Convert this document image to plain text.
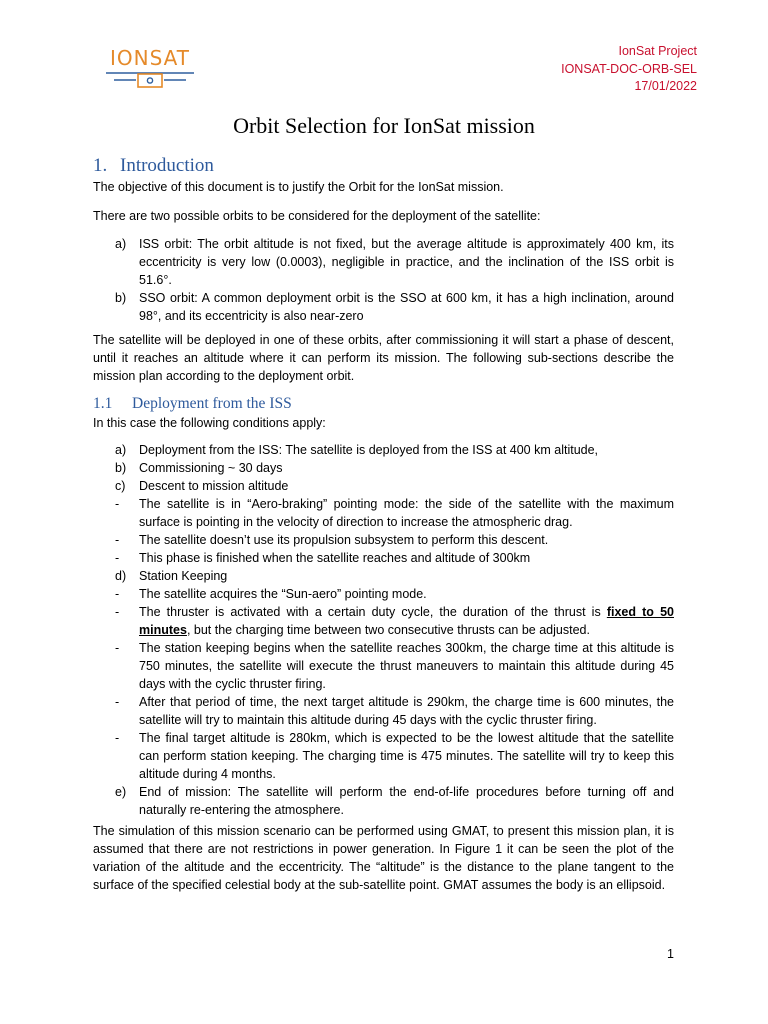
IONSAT	IonSat Project
IONSAT-DOC-ORB-SEL
17/01/2022
Orbit Selection for IonSat mission
1. Introduction
The objective of this document is to justify the Orbit for the IonSat mission.
There are two possible orbits to be considered for the deployment of the satellite:
a)	ISS orbit: The orbit altitude is not fixed, but the average altitude is approximately 400 km, its eccentricity is very low (0.0003), negligible in practice, and the inclination of the ISS orbit is 51.6°.
b)	SSO orbit: A common deployment orbit is the SSO at 600 km, it has a high inclination, around 98°, and its eccentricity is also near-zero
The satellite will be deployed in one of these orbits, after commissioning it will start a phase of descent, until it reaches an altitude where it can perform its mission. The following sub-sections describe the mission plan according to the deployment orbit.
1.1 Deployment from the ISS
In this case the following conditions apply:
a)	Deployment from the ISS: The satellite is deployed from the ISS at 400 km altitude,
b)	Commissioning ~ 30 days
c)	Descent to mission altitude
-	The satellite is in “Aero-braking” pointing mode: the side of the satellite with the maximum surface is pointing in the velocity of direction to increase the atmospheric drag.
-	The satellite doesn’t use its propulsion subsystem to perform this descent.
-	This phase is finished when the satellite reaches and altitude of 300km
d)	Station Keeping
-	The satellite acquires the “Sun-aero” pointing mode.
-	The thruster is activated with a certain duty cycle, the duration of the thrust is fixed to 50 minutes, but the charging time between two consecutive thrusts can be adjusted.
-	The station keeping begins when the satellite reaches 300km, the charge time at this altitude is 750 minutes, the satellite will execute the thrust maneuvers to maintain this altitude during 45 days with the cyclic thruster firing.
-	After that period of time, the next target altitude is 290km, the charge time is 600 minutes, the satellite will try to maintain this altitude during 45 days with the cyclic thruster firing.
-	The final target altitude is 280km, which is expected to be the lowest altitude that the satellite can perform station keeping. The charging time is 475 minutes. The satellite will try to keep this altitude during 4 months.
e)	End of mission: The satellite will perform the end-of-life procedures before turning off and naturally re-entering the atmosphere.
The simulation of this mission scenario can be performed using GMAT, to present this mission plan, it is assumed that there are not restrictions in power generation. In Figure 1 it can be seen the plot of the variation of the altitude and the eccentricity. The “altitude” is the distance to the plane tangent to the surface of the specified celestial body at the sub-satellite point. GMAT assumes the body is an ellipsoid.
1
